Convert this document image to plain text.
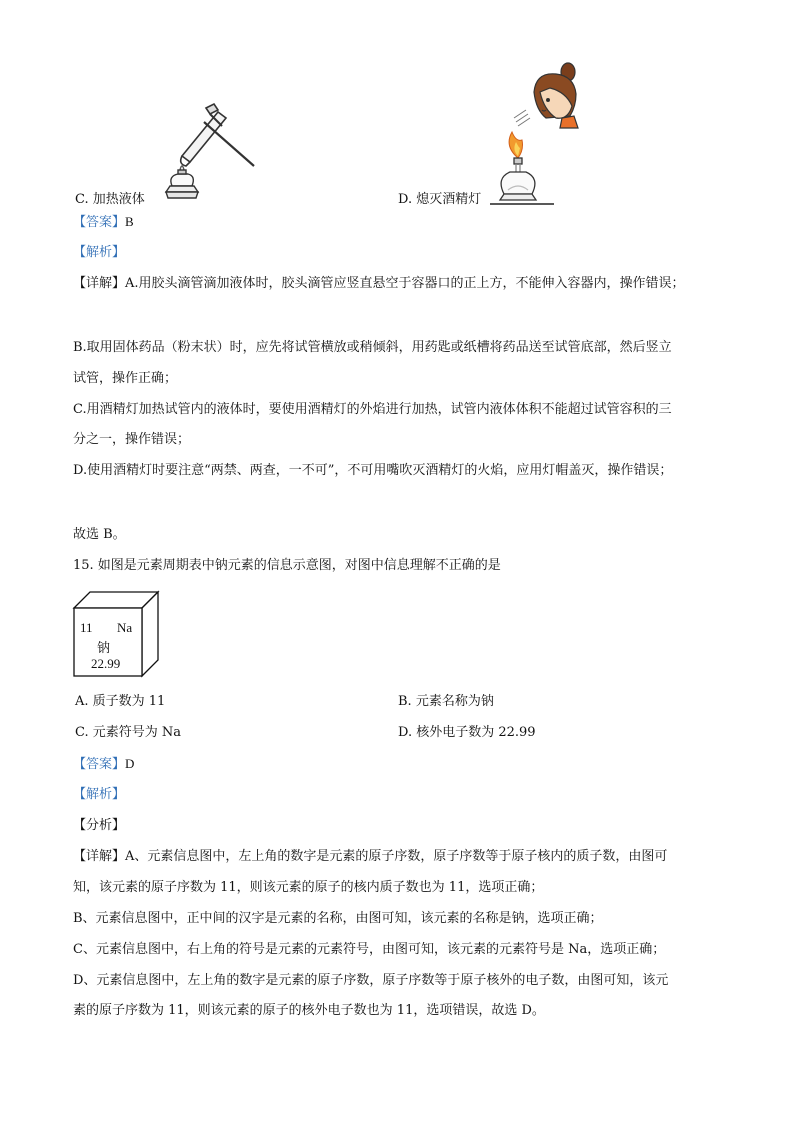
C. 加热液体	D. 熄灭酒精灯
【答案】B
【解析】
【详解】A.用胶头滴管滴加液体时，胶头滴管应竖直悬空于容器口的正上方，不能伸入容器内，操作错误；
B.取用固体药品（粉末状）时，应先将试管横放或稍倾斜，用药匙或纸槽将药品送至试管底部，然后竖立
试管，操作正确；
C.用酒精灯加热试管内的液体时，要使用酒精灯的外焰进行加热，试管内液体体积不能超过试管容积的三
分之一，操作错误；
D.使用酒精灯时要注意“两禁、两查，一不可”，不可用嘴吹灭酒精灯的火焰，应用灯帽盖灭，操作错误；
故选 B。
15. 如图是元素周期表中钠元素的信息示意图，对图中信息理解不正确的是
11 Na
钠
22.99
A. 质子数为 11	B. 元素名称为钠
C. 元素符号为 Na	D. 核外电子数为 22.99
【答案】D
【解析】
【分析】
【详解】A、元素信息图中，左上角的数字是元素的原子序数，原子序数等于原子核内的质子数，由图可
知，该元素的原子序数为 11，则该元素的原子的核内质子数也为 11，选项正确；
B、元素信息图中，正中间的汉字是元素的名称，由图可知，该元素的名称是钠，选项正确；
C、元素信息图中，右上角的符号是元素的元素符号，由图可知，该元素的元素符号是 Na，选项正确；
D、元素信息图中，左上角的数字是元素的原子序数，原子序数等于原子核外的电子数，由图可知，该元
素的原子序数为 11，则该元素的原子的核外电子数也为 11，选项错误，故选 D。
